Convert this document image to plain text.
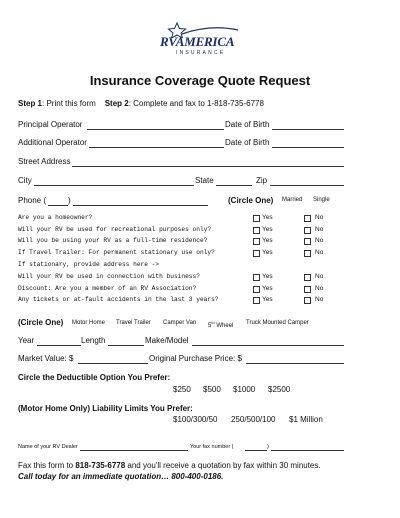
RVAMERICA
INSURANCE
Insurance Coverage Quote Request
Step 1: Print this form Step 2: Complete and fax to 1-818-735-6778
Principal Operator	Date of Birth
Additional Operator	Date of Birth
Street Address
City	State	Zip
Phone (	)	(Circle One) Married Single
Are you a homeowner?	Yes	No
Will your RV be used for recreational purposes only?	Yes	No
Will you be using your RV as a full-time residence?	Yes	No
If Travel Trailer: For permanent stationary use only?	Yes	No
If stationary, provide address here ->
Will your RV be used in connection with business?	Yes	No
Discount: Are you a member of an RV Association?	Yes	No
Any tickets or at-fault accidents in the last 3 years?	Yes	No
(Circle One) Motor Home Travel Trailer Camper Van 5th Wheel Truck Mounted Camper
Year	Length	Make/Model
Market Value: $	Original Purchase Price: $
Circle the Deductible Option You Prefer:
$250 $500 $1000 $2500
(Motor Home Only) Liability Limits You Prefer:
$100/300/50 250/500/100 $1 Million
Name of your RV Dealer	Your fax number (	)
Fax this form to 818-735-6778 and you'll receive a quotation by fax within 30 minutes.
Call today for an immediate quotation… 800-400-0186.
